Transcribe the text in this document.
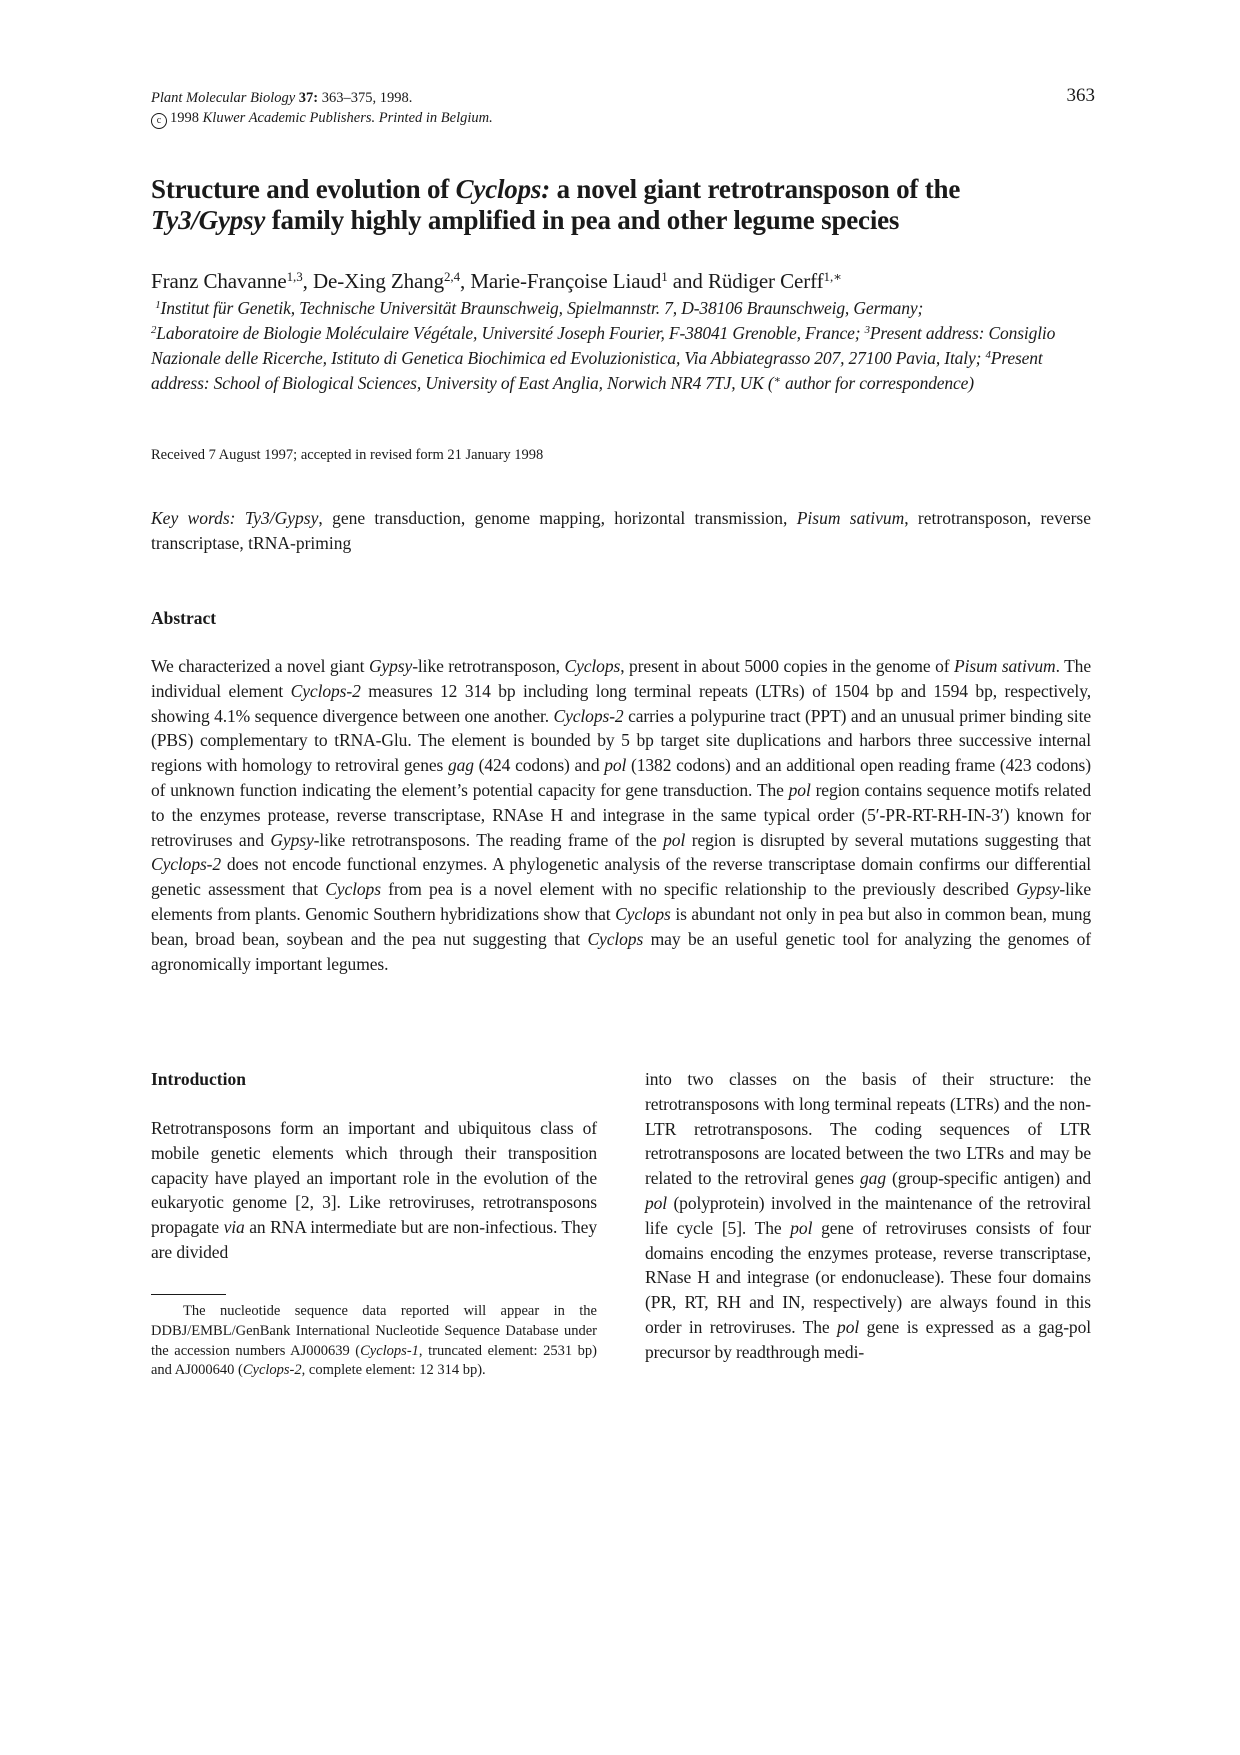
Plant Molecular Biology 37: 363–375, 1998.
c 1998 Kluwer Academic Publishers. Printed in Belgium.
363
Structure and evolution of Cyclops: a novel giant retrotransposon of the
Ty3/Gypsy family highly amplified in pea and other legume species
Franz Chavanne$^{1,3}$, De-Xing Zhang$^{2,4}$, Marie-Françoise Liaud$^1$ and Rüdiger Cerff$^{1,∗}$
$^1$Institut für Genetik, Technische Universität Braunschweig, Spielmannstr. 7, D-38106 Braunschweig, Germany;
$^2$Laboratoire de Biologie Moléculaire Végétale, Université Joseph Fourier, F-38041 Grenoble, France; $^3$Present address: Consiglio Nazionale delle Ricerche, Istituto di Genetica Biochimica ed Evoluzionistica, Via Abbiategrasso 207, 27100 Pavia, Italy; $^4$Present address: School of Biological Sciences, University of East Anglia, Norwich NR4 7TJ, UK (∗ author for correspondence)
Received 7 August 1997; accepted in revised form 21 January 1998
Key words: Ty3/Gypsy, gene transduction, genome mapping, horizontal transmission, Pisum sativum, retrotransposon, reverse transcriptase, tRNA-priming
Abstract
We characterized a novel giant Gypsy-like retrotransposon, Cyclops, present in about 5000 copies in the genome of Pisum sativum. The individual element Cyclops-2 measures 12 314 bp including long terminal repeats (LTRs) of 1504 bp and 1594 bp, respectively, showing 4.1% sequence divergence between one another. Cyclops-2 carries a polypurine tract (PPT) and an unusual primer binding site (PBS) complementary to tRNA-Glu. The element is bounded by 5 bp target site duplications and harbors three successive internal regions with homology to retroviral genes gag (424 codons) and pol (1382 codons) and an additional open reading frame (423 codons) of unknown function indicating the element’s potential capacity for gene transduction. The pol region contains sequence motifs related to the enzymes protease, reverse transcriptase, RNAse H and integrase in the same typical order (5′-PR-RT-RH-IN-3′) known for retroviruses and Gypsy-like retrotransposons. The reading frame of the pol region is disrupted by several mutations suggesting that Cyclops-2 does not encode functional enzymes. A phylogenetic analysis of the reverse transcriptase domain confirms our differential genetic assessment that Cyclops from pea is a novel element with no specific relationship to the previously described Gypsy-like elements from plants. Genomic Southern hybridizations show that Cyclops is abundant not only in pea but also in common bean, mung bean, broad bean, soybean and the pea nut suggesting that Cyclops may be an useful genetic tool for analyzing the genomes of agronomically important legumes.
Introduction
Retrotransposons form an important and ubiquitous class of mobile genetic elements which through their transposition capacity have played an important role in the evolution of the eukaryotic genome [2, 3]. Like retroviruses, retrotransposons propagate via an RNA intermediate but are non-infectious. They are divided
into two classes on the basis of their structure: the retrotransposons with long terminal repeats (LTRs) and the non-LTR retrotransposons. The coding sequences of LTR retrotransposons are located between the two LTRs and may be related to the retroviral genes gag (group-specific antigen) and pol (polyprotein) involved in the maintenance of the retroviral life cycle [5]. The pol gene of retroviruses consists of four domains encoding the enzymes protease, reverse transcriptase, RNase H and integrase (or endonuclease). These four domains (PR, RT, RH and IN, respectively) are always found in this order in retroviruses. The pol gene is expressed as a gag-pol precursor by readthrough medi-
The nucleotide sequence data reported will appear in the DDBJ/EMBL/GenBank International Nucleotide Sequence Database under the accession numbers AJ000639 (Cyclops-1, truncated element: 2531 bp) and AJ000640 (Cyclops-2, complete element: 12 314 bp).
